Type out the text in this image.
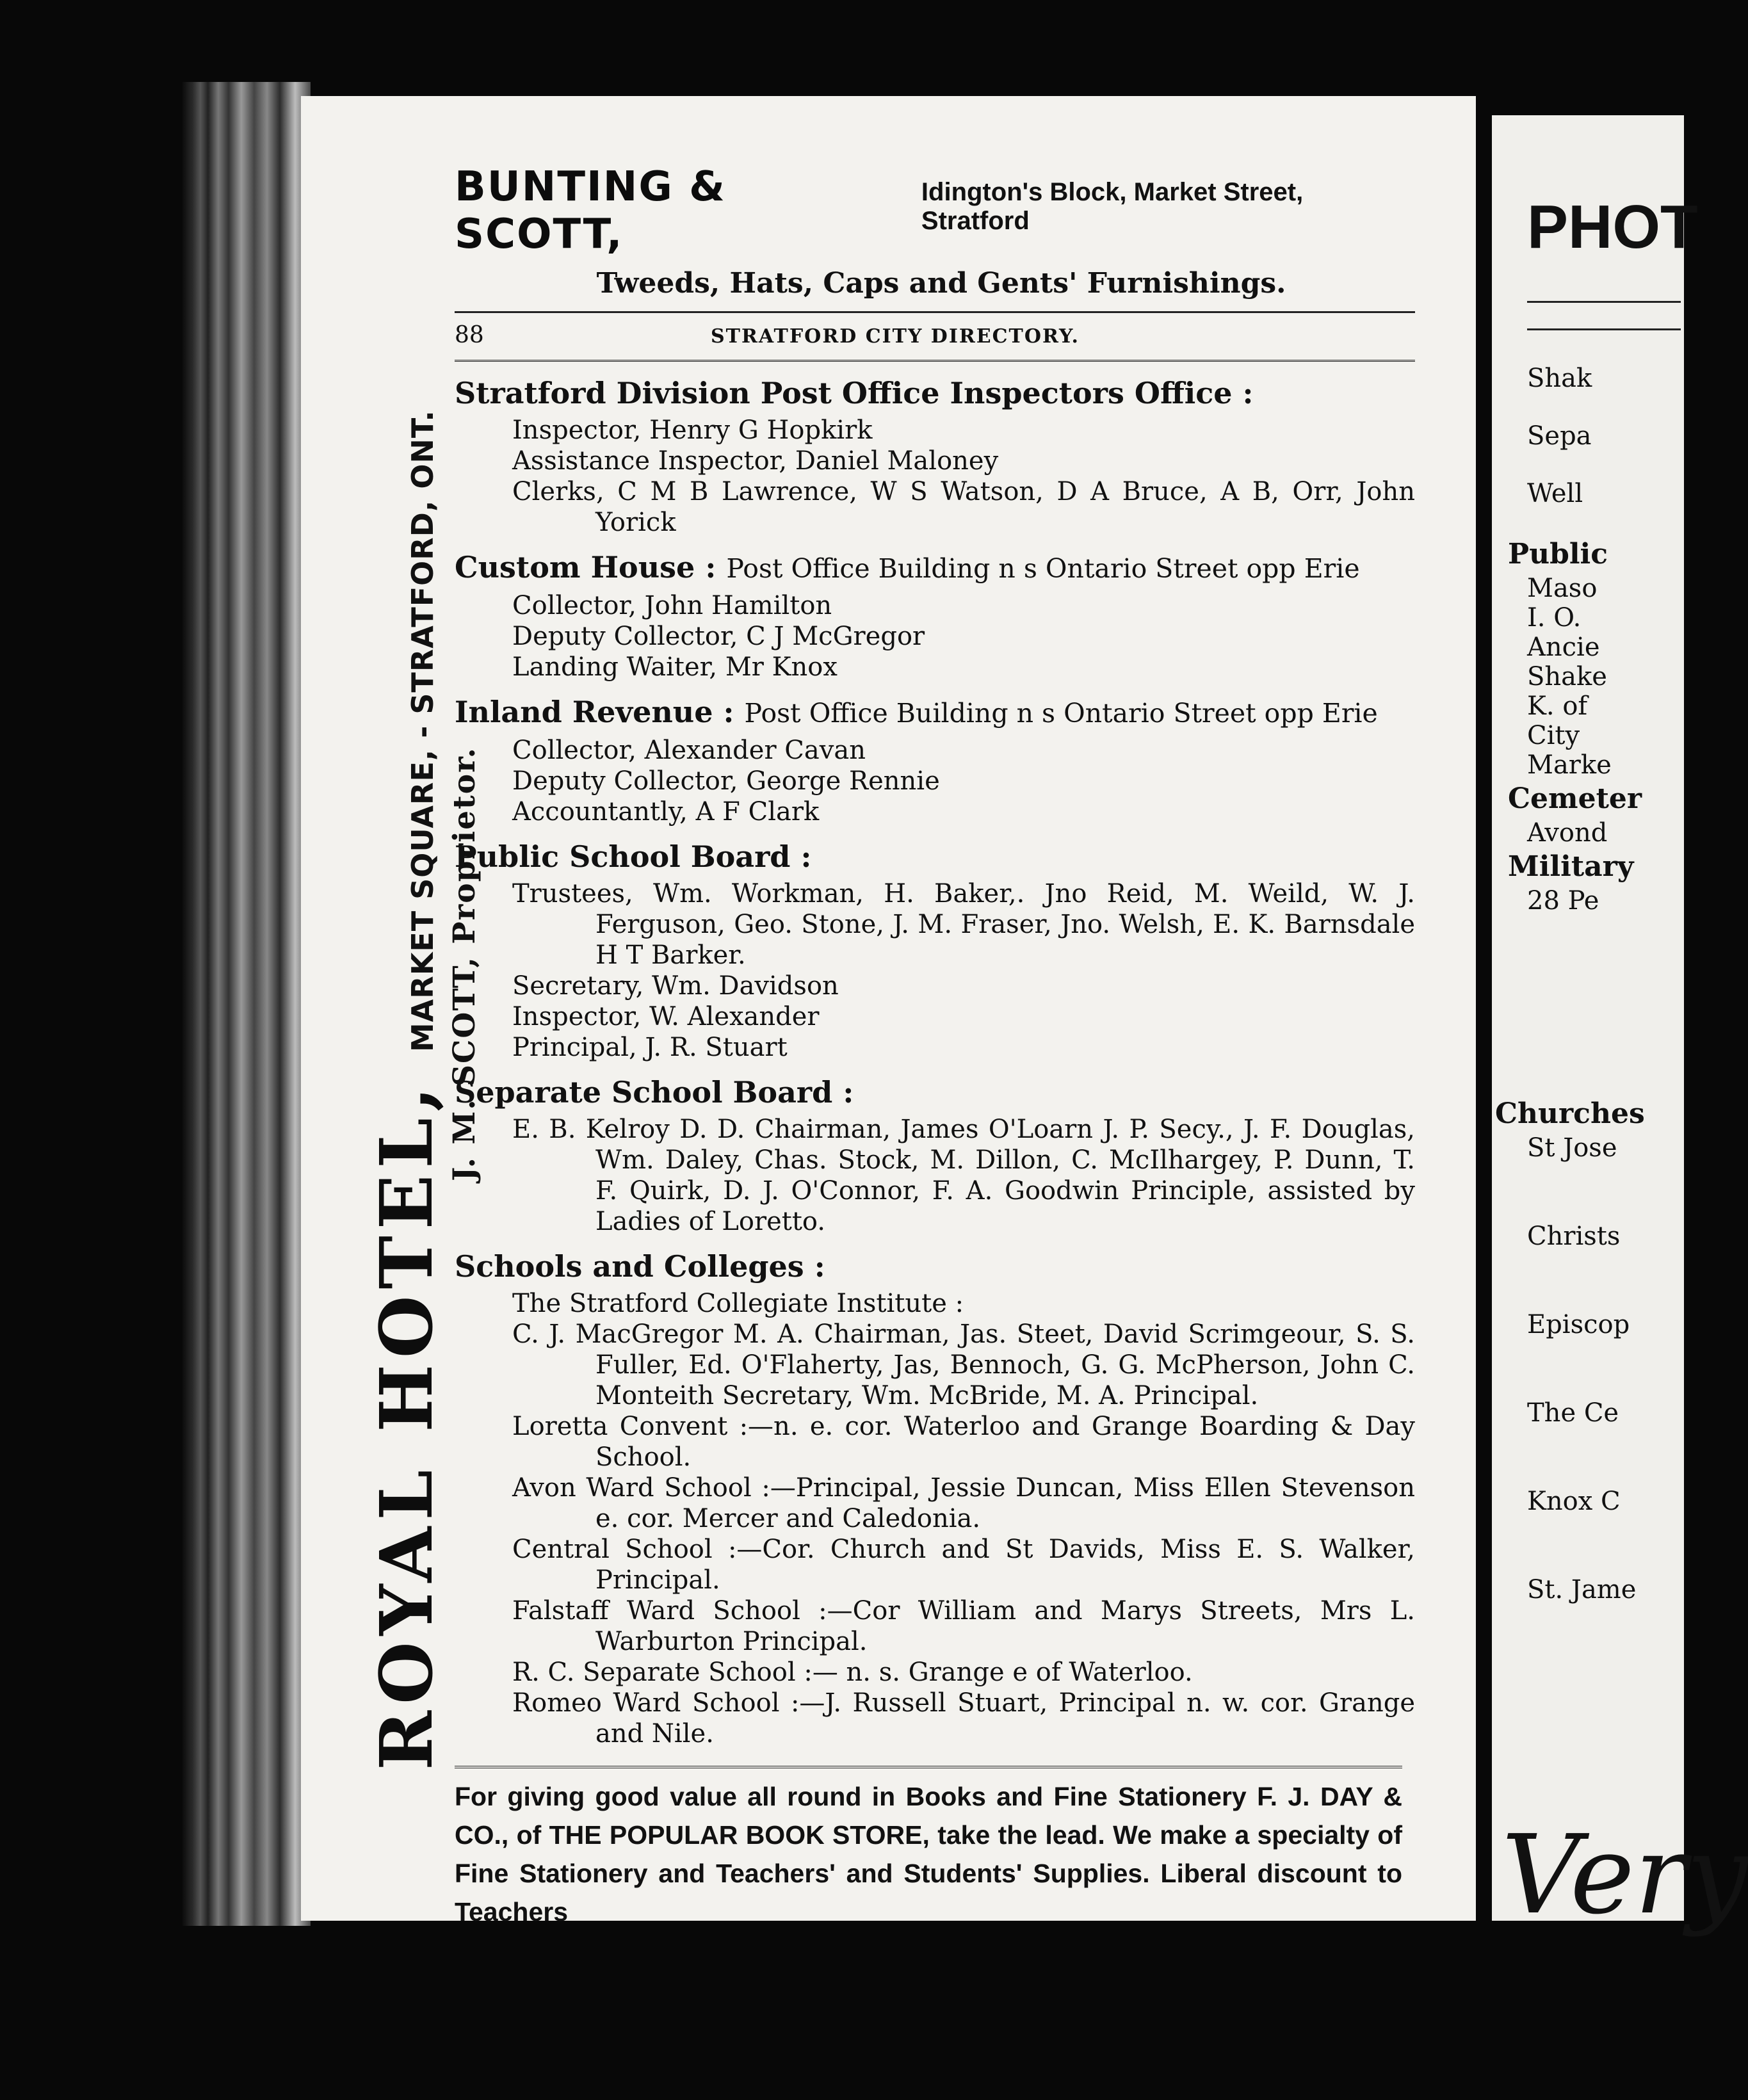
ROYAL HOTEL,
MARKET SQUARE, - STRATFORD, ONT. J. M. SCOTT, Proprietor.
BUNTING & SCOTT,
Idington's Block, Market Street, Stratford
Tweeds, Hats, Caps and Gents' Furnishings.
88	STRATFORD CITY DIRECTORY.
Stratford Division Post Office Inspectors Office :
Inspector, Henry G Hopkirk
Assistance Inspector, Daniel Maloney
Clerks, C M B Lawrence, W S Watson, D A Bruce, A B, Orr, John Yorick
Custom House : Post Office Building n s Ontario Street opp Erie
Collector, John Hamilton
Deputy Collector, C J McGregor
Landing Waiter, Mr Knox
Inland Revenue : Post Office Building n s Ontario Street opp Erie
Collector, Alexander Cavan
Deputy Collector, George Rennie
Accountantly, A F Clark
Public School Board :
Trustees, Wm. Workman, H. Baker,. Jno Reid, M. Weild, W. J. Ferguson, Geo. Stone, J. M. Fraser, Jno. Welsh, E. K. Barnsdale H T Barker.
Secretary, Wm. Davidson
Inspector, W. Alexander
Principal, J. R. Stuart
Separate School Board :
E. B. Kelroy D. D. Chairman, James O'Loarn J. P. Secy., J. F. Douglas, Wm. Daley, Chas. Stock, M. Dillon, C. McIlhargey, P. Dunn, T. F. Quirk, D. J. O'Connor, F. A. Goodwin Principle, assisted by Ladies of Loretto.
Schools and Colleges :
The Stratford Collegiate Institute :
C. J. MacGregor M. A. Chairman, Jas. Steet, David Scrimgeour, S. S. Fuller, Ed. O'Flaherty, Jas, Bennoch, G. G. McPherson, John C. Monteith Secretary, Wm. McBride, M. A. Principal.
Loretta Convent :—n. e. cor. Waterloo and Grange Boarding & Day School.
Avon Ward School :—Principal, Jessie Duncan, Miss Ellen Stevenson e. cor. Mercer and Caledonia.
Central School :—Cor. Church and St Davids, Miss E. S. Walker, Principal.
Falstaff Ward School :—Cor William and Marys Streets, Mrs L. Warburton Principal.
R. C. Separate School :— n. s. Grange e of Waterloo.
Romeo Ward School :—J. Russell Stuart, Principal n. w. cor. Grange and Nile.
For giving good value all round in Books and Fine Stationery F. J. DAY & CO., of THE POPULAR BOOK STORE, take the lead. We make a specialty of Fine Stationery and Teachers' and Students' Supplies. Liberal discount to Teachers
PHOT
Shak
Sepa
Well
Public
Maso
I. O.
Ancie
Shake
K. of
City
Marke
Cemeter
Avond
Military
28 Pe
Churches
St Jose

Christs

Episcop

The Ce

Knox C

St. Jame

Very
